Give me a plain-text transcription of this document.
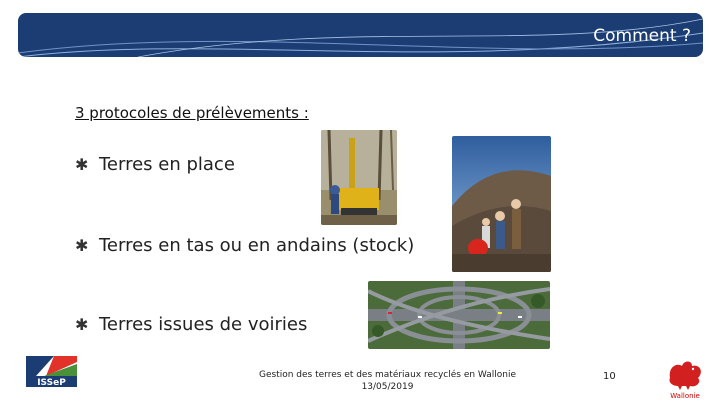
Comment ?
3 protocoles de prélèvements :
✱ Terres en place
✱ Terres en tas ou en andains (stock)
✱ Terres issues de voiries
ISSeP
Gestion des terres et des matériaux recyclés en Wallonie
13/05/2019
10
Wallonie
